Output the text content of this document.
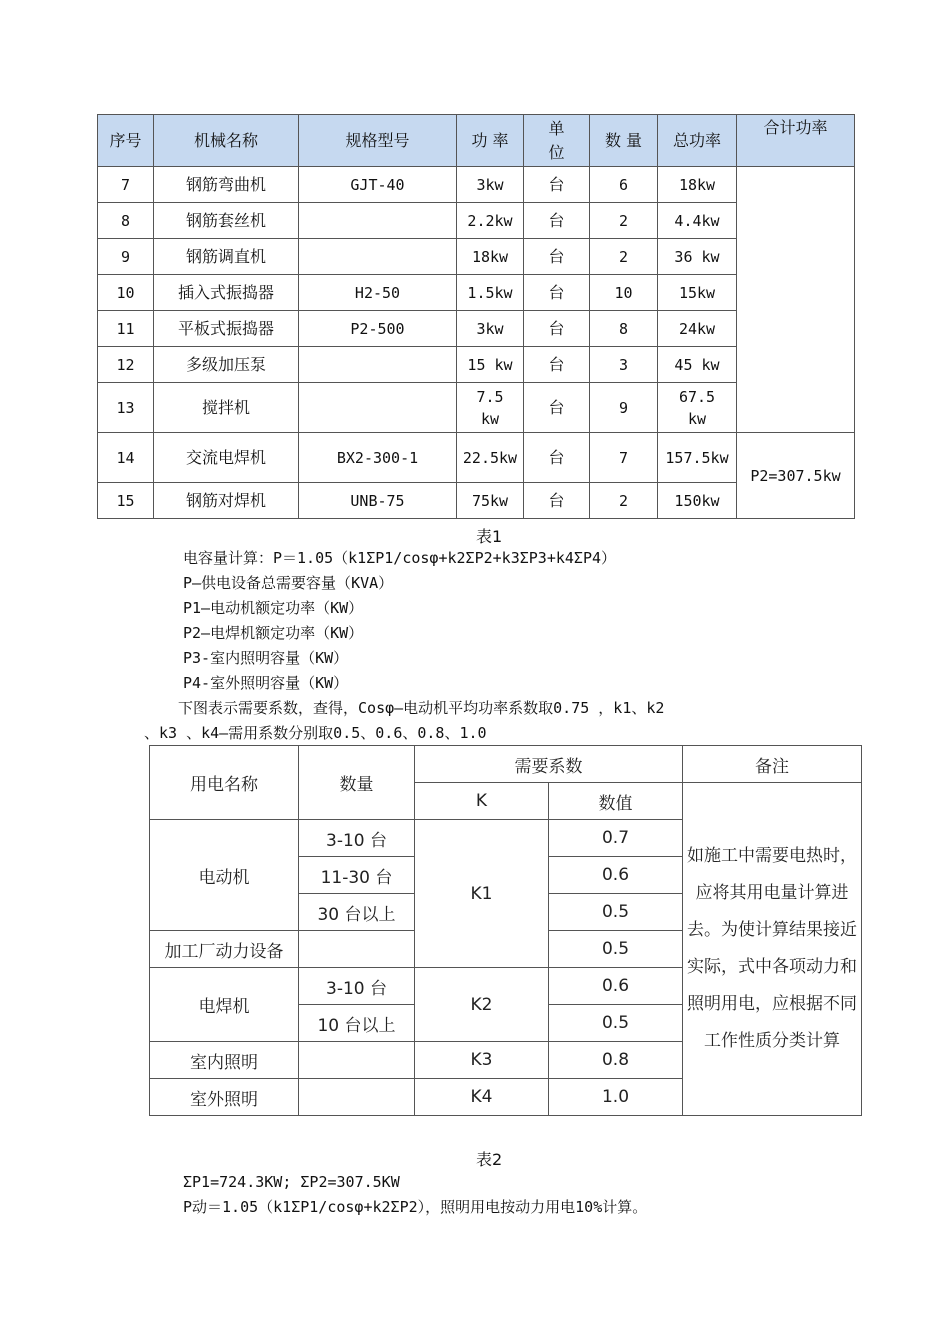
序号	机械名称	规格型号	功 率	单位	数 量	总功率	合计功率
7	钢筋弯曲机	GJT-40	3kw	台	6	18kw	
8	钢筋套丝机		2.2kw	台	2	4.4kw	
9	钢筋调直机		18kw	台	2	36 kw	
10	插入式振捣器	H2-50	1.5kw	台	10	15kw	
11	平板式振捣器	P2-500	3kw	台	8	24kw	
12	多级加压泵		15 kw	台	3	45 kw	
13	搅拌机		7.5 kw	台	9	67.5 kw	
14	交流电焊机	BX2-300-1	22.5kw	台	7	157.5kw	P2=307.5kw
15	钢筋对焊机	UNB-75	75kw	台	2	150kw	
表1
电容量计算：P＝1.05（k1ΣP1/cosφ+k2ΣP2+k3ΣP3+k4ΣP4）
P—供电设备总需要容量（KVA）
P1—电动机额定功率（KW）
P2—电焊机额定功率（KW）
P3-室内照明容量（KW）
P4-室外照明容量（KW）
下图表示需要系数，查得，Cosφ—电动机平均功率系数取0.75 ，k1、k2
、k3 、k4—需用系数分别取0.5、0.6、0.8、1.0
用电名称	数量	需要系数		备注
		K	数值	如施工中需要电热时，应将其用电量计算进去。为使计算结果接近实际，式中各项动力和照明用电，应根据不同工作性质分类计算
电动机	3-10 台	K1	0.7	
	11-30 台		0.6	
	30 台以上		0.5	
加工厂动力设备			0.5	
电焊机	3-10 台	K2	0.6	
	10 台以上		0.5	
室内照明		K3	0.8	
室外照明		K4	1.0	
表2
ΣP1=724.3KW; ΣP2=307.5KW
P动＝1.05（k1ΣP1/cosφ+k2ΣP2），照明用电按动力用电10%计算。
